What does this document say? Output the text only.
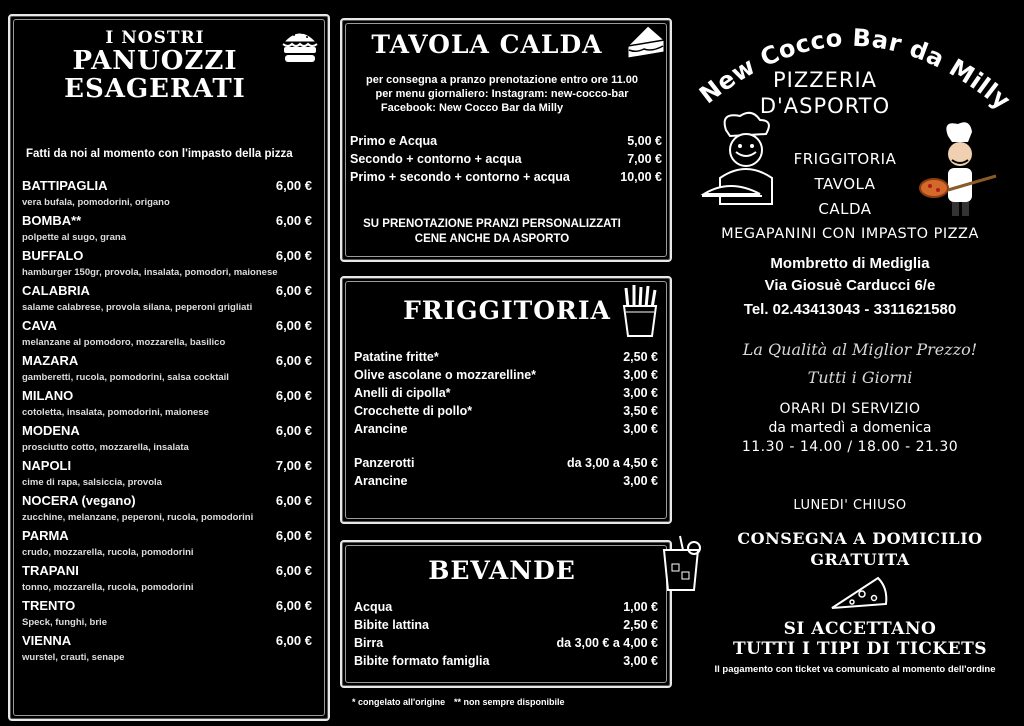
I NOSTRI
PANUOZZI
ESAGERATI
Fatti da noi al momento con l'impasto della pizza
BATTIPAGLIA	6,00 €
vera bufala, pomodorini, origano
BOMBA**	6,00 €
polpette al sugo, grana
BUFFALO	6,00 €
hamburger 150gr, provola, insalata, pomodori, maionese
CALABRIA	6,00 €
salame calabrese, provola silana, peperoni grigliati
CAVA	6,00 €
melanzane al pomodoro, mozzarella, basilico
MAZARA	6,00 €
gamberetti, rucola, pomodorini, salsa cocktail
MILANO	6,00 €
cotoletta, insalata, pomodorini, maionese
MODENA	6,00 €
prosciutto cotto, mozzarella, insalata
NAPOLI	7,00 €
cime di rapa, salsiccia, provola
NOCERA (vegano)	6,00 €
zucchine, melanzane, peperoni, rucola, pomodorini
PARMA	6,00 €
crudo, mozzarella, rucola, pomodorini
TRAPANI	6,00 €
tonno, mozzarella, rucola, pomodorini
TRENTO	6,00 €
Speck, funghi, brie
VIENNA	6,00 €
wurstel, crauti, senape
TAVOLA CALDA
per consegna a pranzo prenotazione entro ore 11.00
per menu giornaliero: Instagram: new-cocco-bar
Facebook: New Cocco Bar da Milly
Primo e Acqua	5,00 €
Secondo + contorno + acqua	7,00 €
Primo + secondo + contorno + acqua	10,00 €
SU PRENOTAZIONE PRANZI PERSONALIZZATI
CENE ANCHE DA ASPORTO
FRIGGITORIA
Patatine fritte*	2,50 €
Olive ascolane o mozzarelline*	3,00 €
Anelli di cipolla*	3,00 €
Crocchette di pollo*	3,50 €
Arancine	3,00 €
Panzerotti	da 3,00 a 4,50 €
Arancine	3,00 €
BEVANDE
Acqua	1,00 €
Bibite lattina	2,50 €
Birra	da 3,00 € a 4,00 €
Bibite formato famiglia	3,00 €
* congelato all'origine ** non sempre disponibile
New Cocco Bar da Milly
PIZZERIA
D'ASPORTO
FRIGGITORIA
TAVOLA
CALDA
MEGAPANINI CON IMPASTO PIZZA
Mombretto di Mediglia
Via Giosuè Carducci 6/e
Tel. 02.43413043 - 3311621580
La Qualità al Miglior Prezzo!
Tutti i Giorni
ORARI DI SERVIZIO
da martedì a domenica
11.30 - 14.00 / 18.00 - 21.30
LUNEDI' CHIUSO
CONSEGNA A DOMICILIO
GRATUITA
SI ACCETTANO
TUTTI I TIPI DI TICKETS
Il pagamento con ticket va comunicato al momento dell'ordine
